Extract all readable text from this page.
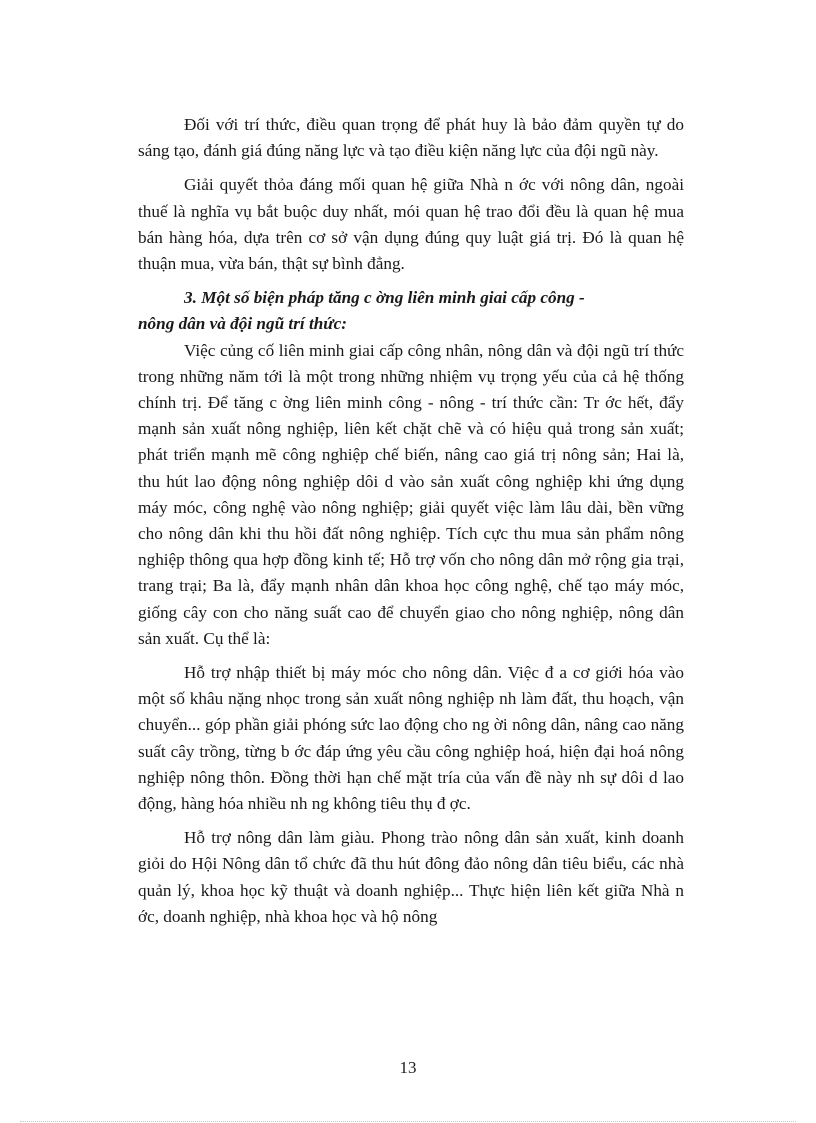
Đối với trí thức, điều quan trọng để phát huy là bảo đảm quyền tự do sáng tạo, đánh giá đúng năng lực và tạo điều kiện năng lực của đội ngũ này.

Giải quyết thỏa đáng mối quan hệ giữa Nhà n ớc với nông dân, ngoài thuế là nghĩa vụ bắt buộc duy nhất, mói quan hệ trao đổi đều là quan hệ mua bán hàng hóa, dựa trên cơ sở vận dụng đúng quy luật giá trị. Đó là quan hệ thuận mua, vừa bán, thật sự bình đẳng.

3. Một số biện pháp tăng c ờng liên minh giai cấp công -
nông dân và đội ngũ trí thức:

Việc củng cố liên minh giai cấp công nhân, nông dân và đội ngũ trí thức trong những năm tới là một trong những nhiệm vụ trọng yếu của cả hệ thống chính trị. Để tăng c ờng liên minh công - nông - trí thức cần: Tr ớc hết, đẩy mạnh sản xuất nông nghiệp, liên kết chặt chẽ và có hiệu quả trong sản xuất; phát triển mạnh mẽ công nghiệp chế biến, nâng cao giá trị nông sản; Hai là, thu hút lao động nông nghiệp dôi d vào sản xuất công nghiệp khi ứng dụng máy móc, công nghệ vào nông nghiệp; giải quyết việc làm lâu dài, bền vững cho nông dân khi thu hồi đất nông nghiệp. Tích cực thu mua sản phẩm nông nghiệp thông qua hợp đồng kinh tế; Hỗ trợ vốn cho nông dân mở rộng gia trại, trang trại; Ba là, đẩy mạnh nhân dân khoa học công nghệ, chế tạo máy móc, giống cây con cho năng suất cao để chuyển giao cho nông nghiệp, nông dân sản xuất. Cụ thể là:

Hỗ trợ nhập thiết bị máy móc cho nông dân. Việc đ a cơ giới hóa vào một số khâu nặng nhọc trong sản xuất nông nghiệp nh làm đất, thu hoạch, vận chuyển... góp phần giải phóng sức lao động cho ng ời nông dân, nâng cao năng suất cây trồng, từng b ớc đáp ứng yêu cầu công nghiệp hoá, hiện đại hoá nông nghiệp nông thôn. Đồng thời hạn chế mặt tría của vấn đề này nh sự dôi d lao động, hàng hóa nhiều nh ng không tiêu thụ đ ợc.

Hỗ trợ nông dân làm giàu. Phong trào nông dân sản xuất, kinh doanh giỏi do Hội Nông dân tổ chức đã thu hút đông đảo nông dân tiêu biểu, các nhà quản lý, khoa học kỹ thuật và doanh nghiệp... Thực hiện liên kết giữa Nhà n ớc, doanh nghiệp, nhà khoa học và hộ nông

13
